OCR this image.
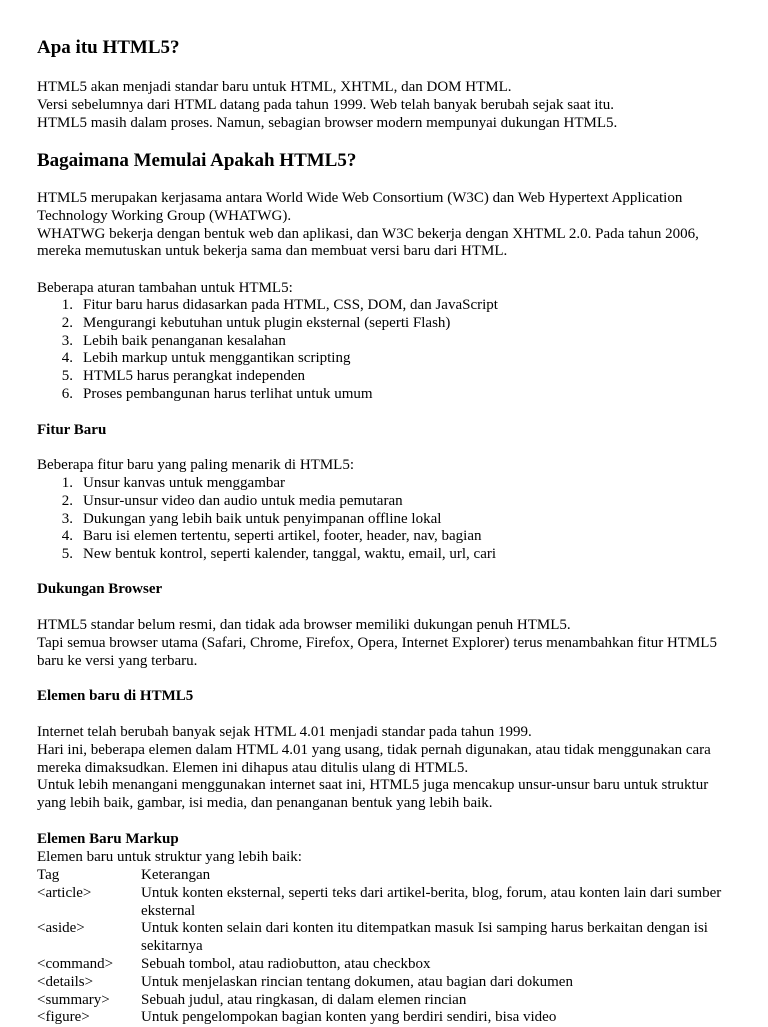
Apa itu HTML5?

HTML5 akan menjadi standar baru untuk HTML, XHTML, dan DOM HTML.

Versi sebelumnya dari HTML datang pada tahun 1999. Web telah banyak berubah sejak saat itu.

HTML5 masih dalam proses. Namun, sebagian browser modern mempunyai dukungan HTML5.

Bagaimana Memulai Apakah HTML5?

HTML5 merupakan kerjasama antara World Wide Web Consortium (W3C) dan Web Hypertext Application Technology Working Group (WHATWG).

WHATWG bekerja dengan bentuk web dan aplikasi, dan W3C bekerja dengan XHTML 2.0. Pada tahun 2006, mereka memutuskan untuk bekerja sama dan membuat versi baru dari HTML.

Beberapa aturan tambahan untuk HTML5:
1. Fitur baru harus didasarkan pada HTML, CSS, DOM, dan JavaScript
2. Mengurangi kebutuhan untuk plugin eksternal (seperti Flash)
3. Lebih baik penanganan kesalahan
4. Lebih markup untuk menggantikan scripting
5. HTML5 harus perangkat independen
6. Proses pembangunan harus terlihat untuk umum
Fitur Baru
Beberapa fitur baru yang paling menarik di HTML5:
1. Unsur kanvas untuk menggambar
2. Unsur-unsur video dan audio untuk media pemutaran
3. Dukungan yang lebih baik untuk penyimpanan offline lokal
4. Baru isi elemen tertentu, seperti artikel, footer, header, nav, bagian
5. New bentuk kontrol, seperti kalender, tanggal, waktu, email, url, cari
Dukungan Browser

HTML5 standar belum resmi, dan tidak ada browser memiliki dukungan penuh HTML5.

Tapi semua browser utama (Safari, Chrome, Firefox, Opera, Internet Explorer) terus menambahkan fitur HTML5 baru ke versi yang terbaru.

Elemen baru di HTML5

Internet telah berubah banyak sejak HTML 4.01 menjadi standar pada tahun 1999.

Hari ini, beberapa elemen dalam HTML 4.01 yang usang, tidak pernah digunakan, atau tidak menggunakan cara mereka dimaksudkan. Elemen ini dihapus atau ditulis ulang di HTML5.

Untuk lebih menangani menggunakan internet saat ini, HTML5 juga mencakup unsur-unsur baru untuk struktur yang lebih baik, gambar, isi media, dan penanganan bentuk yang lebih baik.

Elemen Baru Markup
Elemen baru untuk struktur yang lebih baik:
Tag	Keterangan
<article>	Untuk konten eksternal, seperti teks dari artikel-berita, blog, forum, atau konten lain dari sumber eksternal
<aside>	Untuk konten selain dari konten itu ditempatkan masuk Isi samping harus berkaitan dengan isi sekitarnya
<command>	Sebuah tombol, atau radiobutton, atau checkbox
<details>	Untuk menjelaskan rincian tentang dokumen, atau bagian dari dokumen
<summary>	Sebuah judul, atau ringkasan, di dalam elemen rincian
<figure>	Untuk pengelompokan bagian konten yang berdiri sendiri, bisa video
